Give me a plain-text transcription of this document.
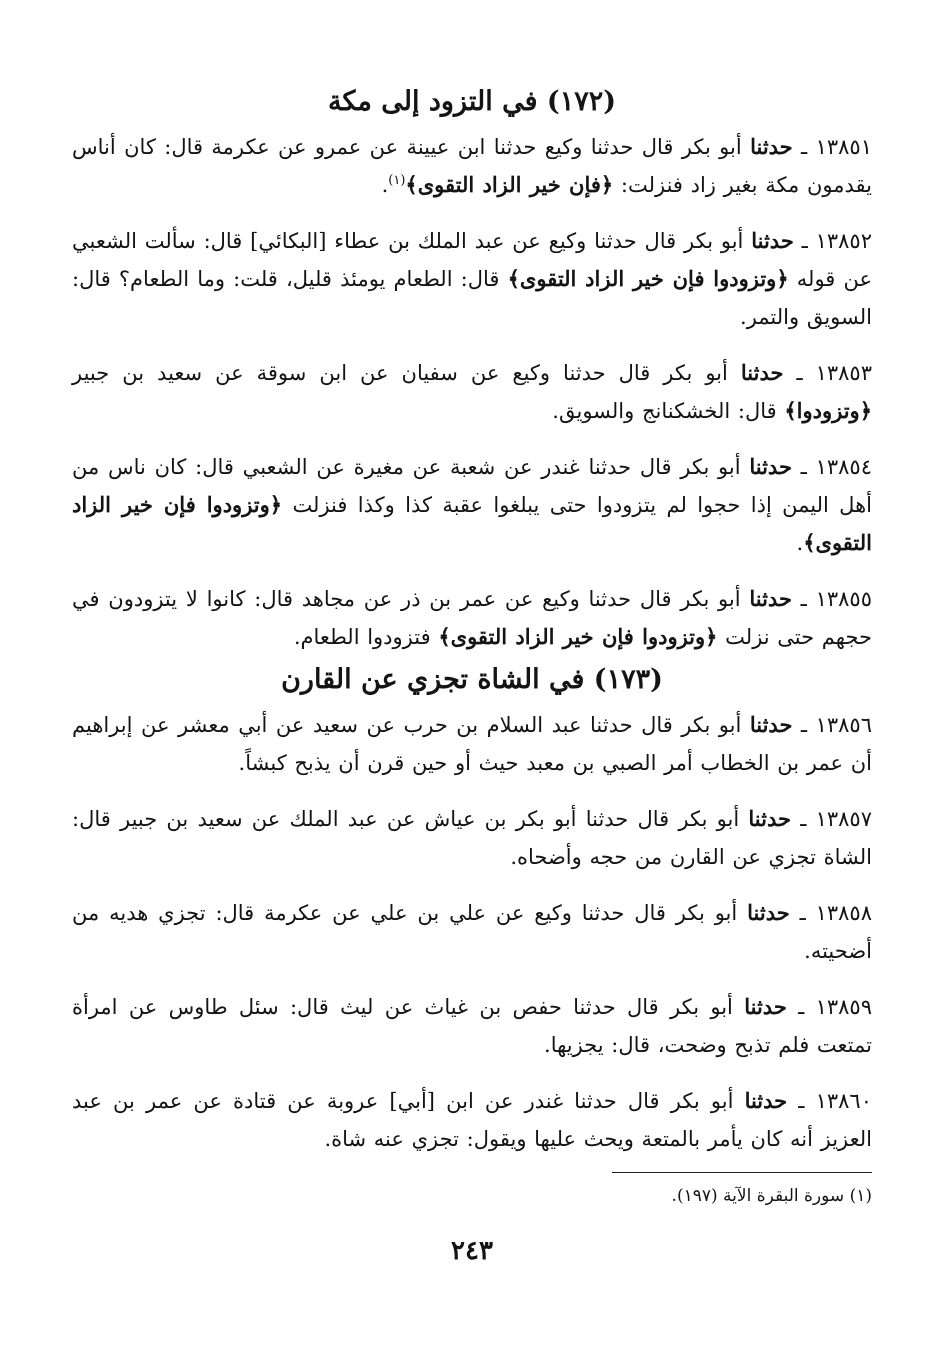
(١٧٢) في التزود إلى مكة

١٣٨٥١ ـ حدثنا أبو بكر قال حدثنا وكيع حدثنا ابن عيينة عن عمرو عن عكرمة قال: كان أناس يقدمون مكة بغير زاد فنزلت: ﴿فإن خير الزاد التقوى﴾$^{(١)}$.

١٣٨٥٢ ـ حدثنا أبو بكر قال حدثنا وكيع عن عبد الملك بن عطاء [البكائي] قال: سألت الشعبي عن قوله ﴿وتزودوا فإن خير الزاد التقوى﴾ قال: الطعام يومئذ قليل، قلت: وما الطعام؟ قال: السويق والتمر.

١٣٨٥٣ ـ حدثنا أبو بكر قال حدثنا وكيع عن سفيان عن ابن سوقة عن سعيد بن جبير ﴿وتزودوا﴾ قال: الخشكنانج والسويق.

١٣٨٥٤ ـ حدثنا أبو بكر قال حدثنا غندر عن شعبة عن مغيرة عن الشعبي قال: كان ناس من أهل اليمن إذا حجوا لم يتزودوا حتى يبلغوا عقبة كذا وكذا فنزلت ﴿وتزودوا فإن خير الزاد التقوى﴾.

١٣٨٥٥ ـ حدثنا أبو بكر قال حدثنا وكيع عن عمر بن ذر عن مجاهد قال: كانوا لا يتزودون في حجهم حتى نزلت ﴿وتزودوا فإن خير الزاد التقوى﴾ فتزودوا الطعام.

(١٧٣) في الشاة تجزي عن القارن

١٣٨٥٦ ـ حدثنا أبو بكر قال حدثنا عبد السلام بن حرب عن سعيد عن أبي معشر عن إبراهيم أن عمر بن الخطاب أمر الصبي بن معبد حيث أو حين قرن أن يذبح كبشاً.

١٣٨٥٧ ـ حدثنا أبو بكر قال حدثنا أبو بكر بن عياش عن عبد الملك عن سعيد بن جبير قال: الشاة تجزي عن القارن من حجه وأضحاه.

١٣٨٥٨ ـ حدثنا أبو بكر قال حدثنا وكيع عن علي بن علي عن عكرمة قال: تجزي هديه من أضحيته.

١٣٨٥٩ ـ حدثنا أبو بكر قال حدثنا حفص بن غياث عن ليث قال: سئل طاوس عن امرأة تمتعت فلم تذبح وضحت، قال: يجزيها.

١٣٨٦٠ ـ حدثنا أبو بكر قال حدثنا غندر عن ابن [أبي] عروبة عن قتادة عن عمر بن عبد العزيز أنه كان يأمر بالمتعة ويحث عليها ويقول: تجزي عنه شاة.

(١) سورة البقرة الآية (١٩٧).
٢٤٣
